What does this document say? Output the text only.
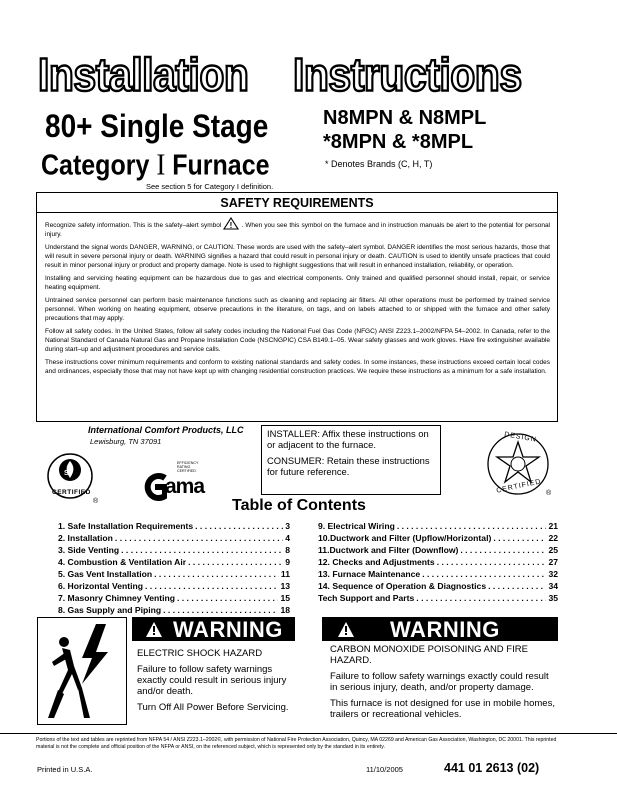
Installation Instructions
80+ Single Stage
Category I Furnace
N8MPN & N8MPL
*8MPN & *8MPL
* Denotes Brands (C, H, T)
See section 5 for Category I definition.
SAFETY REQUIREMENTS

Recognize safety information. This is the safety–alert symbol ! . When you see this symbol on the furnace and in instruction manuals be alert to the potential for personal injury.

Understand the signal words DANGER, WARNING, or CAUTION. These words are used with the safety–alert symbol. DANGER identifies the most serious hazards, those that will result in severe personal injury or death. WARNING signifies a hazard that could result in personal injury or death. CAUTION is used to identify unsafe practices that could result in minor personal injury or product and property damage. Note is used to highlight suggestions that will result in enhanced installation, reliability, or operation.

Installing and servicing heating equipment can be hazardous due to gas and electrical components. Only trained and qualified personnel should install, repair, or service heating equipment.

Untrained service personnel can perform basic maintenance functions such as cleaning and replacing air filters. All other operations must be performed by trained service personnel. When working on heating equipment, observe precautions in the literature, on tags, and on labels attached to or shipped with the furnace and other safety precautions that may apply.

Follow all safety codes. In the United States, follow all safety codes including the National Fuel Gas Code (NFGC) ANSI Z223.1–2002/NFPA 54–2002. In Canada, refer to the National Standard of Canada Natural Gas and Propane Installation Code (NSCNGPIC) CSA B149.1–05. Wear safety glasses and work gloves. Have fire extinguisher available during start–up and adjustment procedures and service calls.

These instructions cover minimum requirements and conform to existing national standards and safety codes. In some instances, these instructions exceed certain local codes and ordinances, especially those that may not have kept up with changing residential construction practices. We require these instructions as a minimum for a safe installation.

International Comfort Products, LLC
Lewisburg, TN 37091
S
CERTIFIED
®
EFFICIENCY RATING CERTIFIED
ama

INSTALLER: Affix these instructions on or adjacent to the furnace.

CONSUMER: Retain these instructions for future reference.

DESIGN
CERTIFIED ®
Table of Contents
1. Safe Installation Requirements . . .	3
2. Installation . . .	4
3. Side Venting . . .	8
4. Combustion & Ventilation Air . . .	9
5. Gas Vent Installation . . .	11
6. Horizontal Venting . . .	13
7. Masonry Chimney Venting . . .	15
8. Gas Supply and Piping . . .	18
9. Electrical Wiring . . .	21
10.Ductwork and Filter (Upflow/Horizontal) . . .	22
11.Ductwork and Filter (Downflow) . . .	25
12. Checks and Adjustments . . .	27
13. Furnace Maintenance . . .	32
14. Sequence of Operation & Diagnostics . . .	34
Tech Support and Parts . . .	35
WARNING

ELECTRIC SHOCK HAZARD

Failure to follow safety warnings exactly could result in serious injury and/or death.

Turn Off All Power Before Servicing.

WARNING

CARBON MONOXIDE POISONING AND FIRE HAZARD.

Failure to follow safety warnings exactly could result in serious injury, death, and/or property damage.

This furnace is not designed for use in mobile homes, trailers or recreational vehicles.

Portions of the text and tables are reprinted from NFPA 54 / ANSI Z223.1–2002©, with permission of National Fire Protection Association, Quincy, MA 02269 and American Gas Association, Washington, DC 20001. This reprinted material is not the complete and official position of the NFPA or ANSI, on the referenced subject, which is represented only by the standard in its entirety.
Printed in U.S.A.	11/10/2005	441 01 2613 (02)
